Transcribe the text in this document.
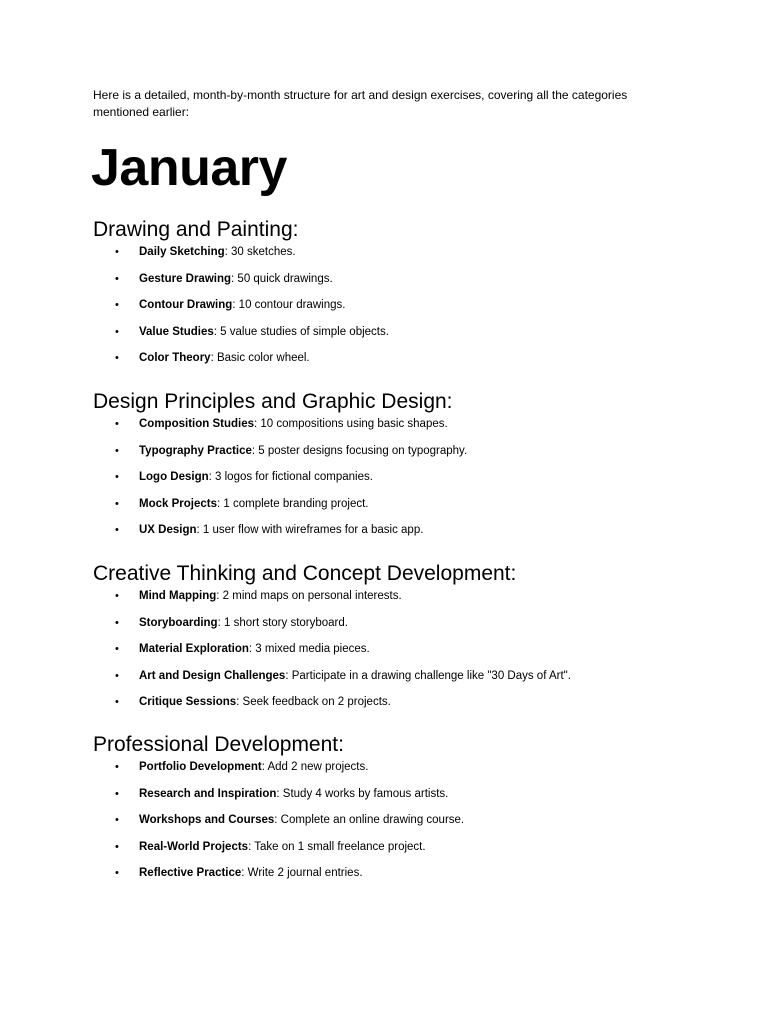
Here is a detailed, month-by-month structure for art and design exercises, covering all the categories mentioned earlier:

January
Drawing and Painting:
• Daily Sketching: 30 sketches.
• Gesture Drawing: 50 quick drawings.
• Contour Drawing: 10 contour drawings.
• Value Studies: 5 value studies of simple objects.
• Color Theory: Basic color wheel.
Design Principles and Graphic Design:
• Composition Studies: 10 compositions using basic shapes.
• Typography Practice: 5 poster designs focusing on typography.
• Logo Design: 3 logos for fictional companies.
• Mock Projects: 1 complete branding project.
• UX Design: 1 user flow with wireframes for a basic app.
Creative Thinking and Concept Development:
• Mind Mapping: 2 mind maps on personal interests.
• Storyboarding: 1 short story storyboard.
• Material Exploration: 3 mixed media pieces.
• Art and Design Challenges: Participate in a drawing challenge like "30 Days of Art".
• Critique Sessions: Seek feedback on 2 projects.
Professional Development:
• Portfolio Development: Add 2 new projects.
• Research and Inspiration: Study 4 works by famous artists.
• Workshops and Courses: Complete an online drawing course.
• Real-World Projects: Take on 1 small freelance project.
• Reflective Practice: Write 2 journal entries.
